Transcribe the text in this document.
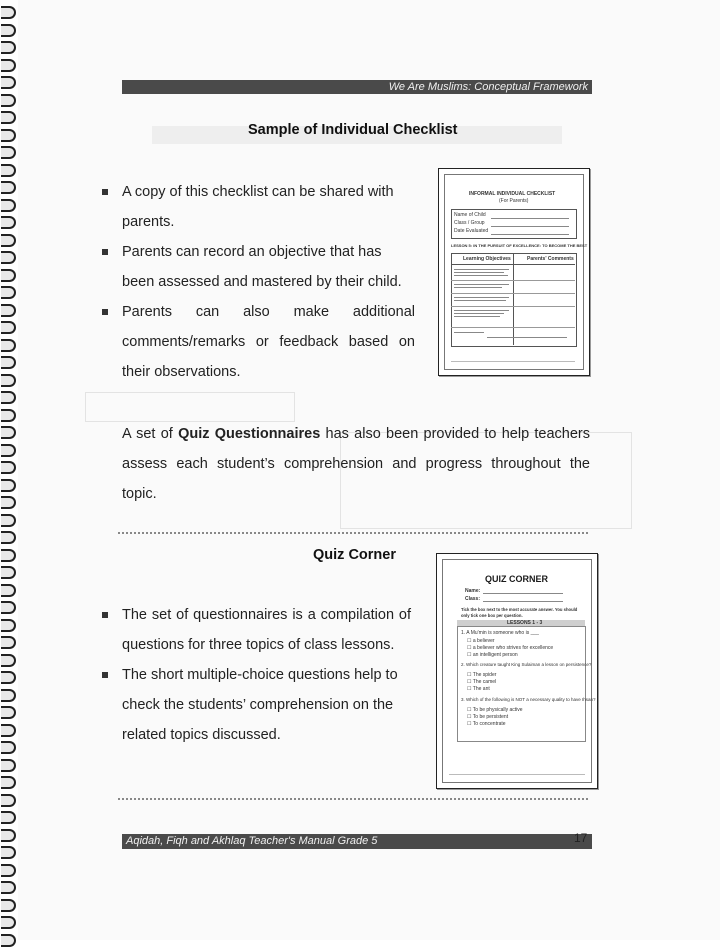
We Are Muslims: Conceptual Framework
Sample of Individual Checklist
A copy of this checklist can be shared with parents.
Parents can record an objective that has been assessed and mastered by their child.
Parents can also make additional comments/remarks or feedback based on their observations.
A set of Quiz Questionnaires has also been provided to help teachers assess each student’s comprehension and progress throughout the topic.
INFORMAL INDIVIDUAL CHECKLIST
(For Parents)
Name of Child
Class / Group
Date Evaluated
LESSON 5: IN THE PURSUIT OF EXCELLENCE: TO BECOME THE BEST
Learning Objectives	Parents' Comments
Quiz Corner
The set of questionnaires is a compilation of questions for three topics of class lessons.
The short multiple-choice questions help to check the students’ comprehension on the related topics discussed.
QUIZ CORNER
Name:
Class:
Tick the box next to the most accurate answer. You should only tick one box per question.
LESSONS 1 - 3
1. A Mu'min is someone who is ___
☐ a believer
☐ a believer who strives for excellence
☐ an intelligent person
2. Which creature taught King Sulaiman a lesson on persistence?
☐ The spider
☐ The camel
☐ The ant
3. Which of the following is NOT a necessary quality to have Ihsan?
☐ To be physically active
☐ To be persistent
☐ To concentrate
Aqidah, Fiqh and Akhlaq Teacher's Manual Grade 5	17
